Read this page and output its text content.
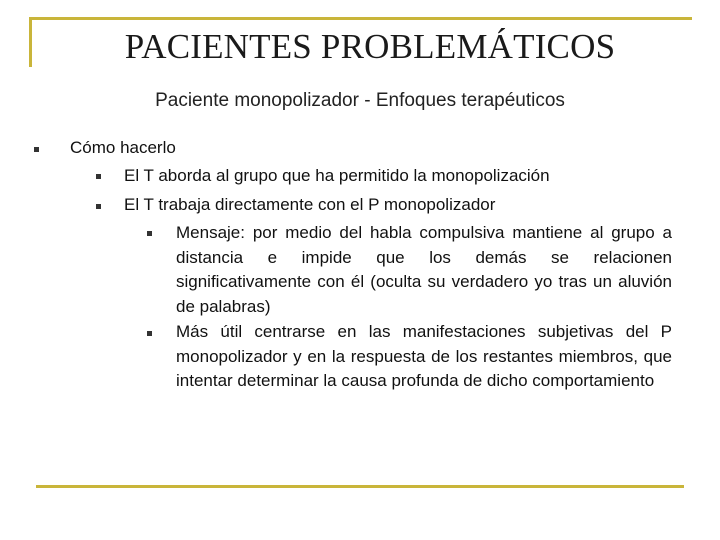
PACIENTES PROBLEMÁTICOS
Paciente monopolizador - Enfoques terapéuticos
Cómo hacerlo
El T aborda al grupo que ha permitido la monopolización
El T trabaja directamente con el P monopolizador
Mensaje: por medio del habla compulsiva mantiene al grupo a distancia e impide que los demás se relacionen significativamente con él (oculta su verdadero yo tras un aluvión de palabras)
Más útil centrarse en las manifestaciones subjetivas del P monopolizador y en la respuesta de los restantes miembros, que intentar determinar la causa profunda de dicho comportamiento
